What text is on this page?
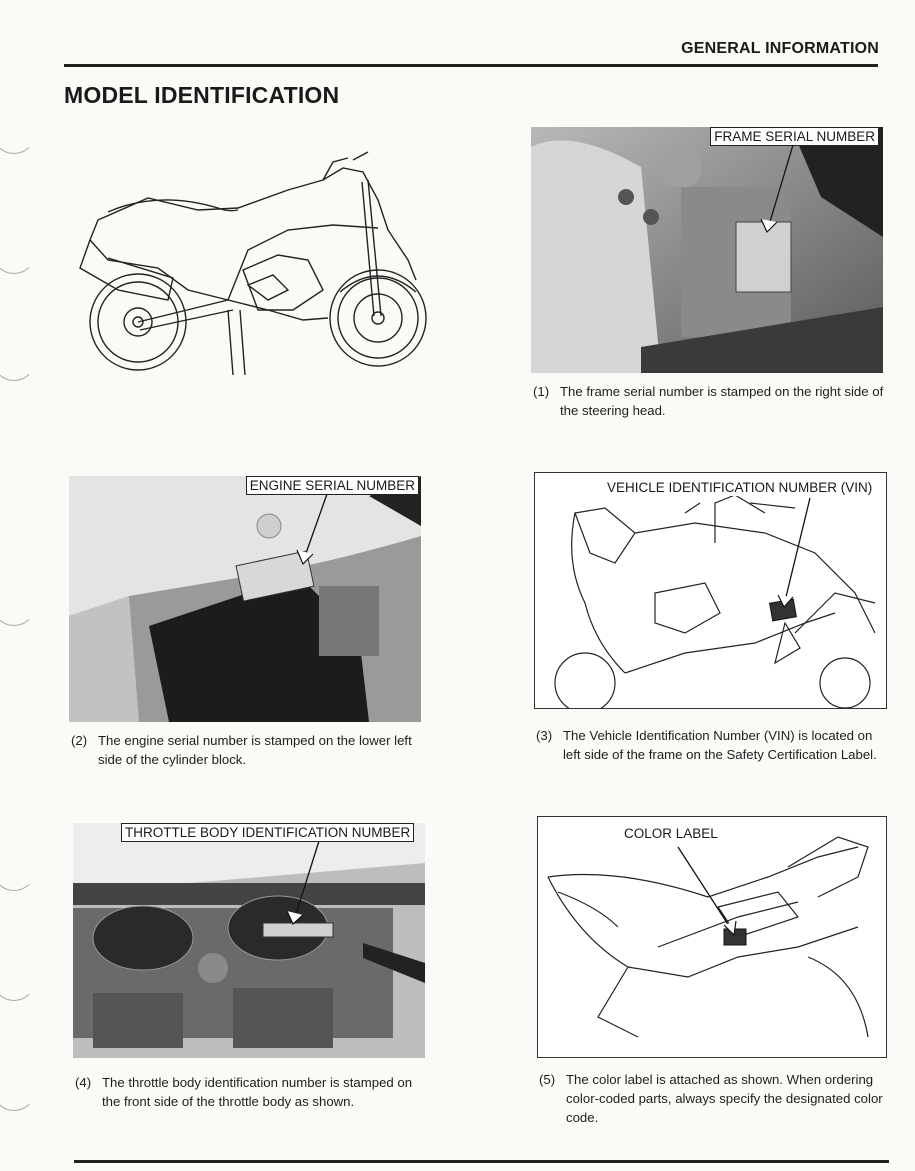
GENERAL INFORMATION
MODEL IDENTIFICATION
FRAME SERIAL NUMBER
(1) The frame serial number is stamped on the right side of the steering head.
ENGINE SERIAL NUMBER
(2) The engine serial number is stamped on the lower left side of the cylinder block.
VEHICLE IDENTIFICATION NUMBER (VIN)
(3) The Vehicle Identification Number (VIN) is located on left side of the frame on the Safety Certification Label.
THROTTLE BODY IDENTIFICATION NUMBER
(4) The throttle body identification number is stamped on the front side of the throttle body as shown.
COLOR LABEL
(5) The color label is attached as shown. When ordering color-coded parts, always specify the designated color code.
